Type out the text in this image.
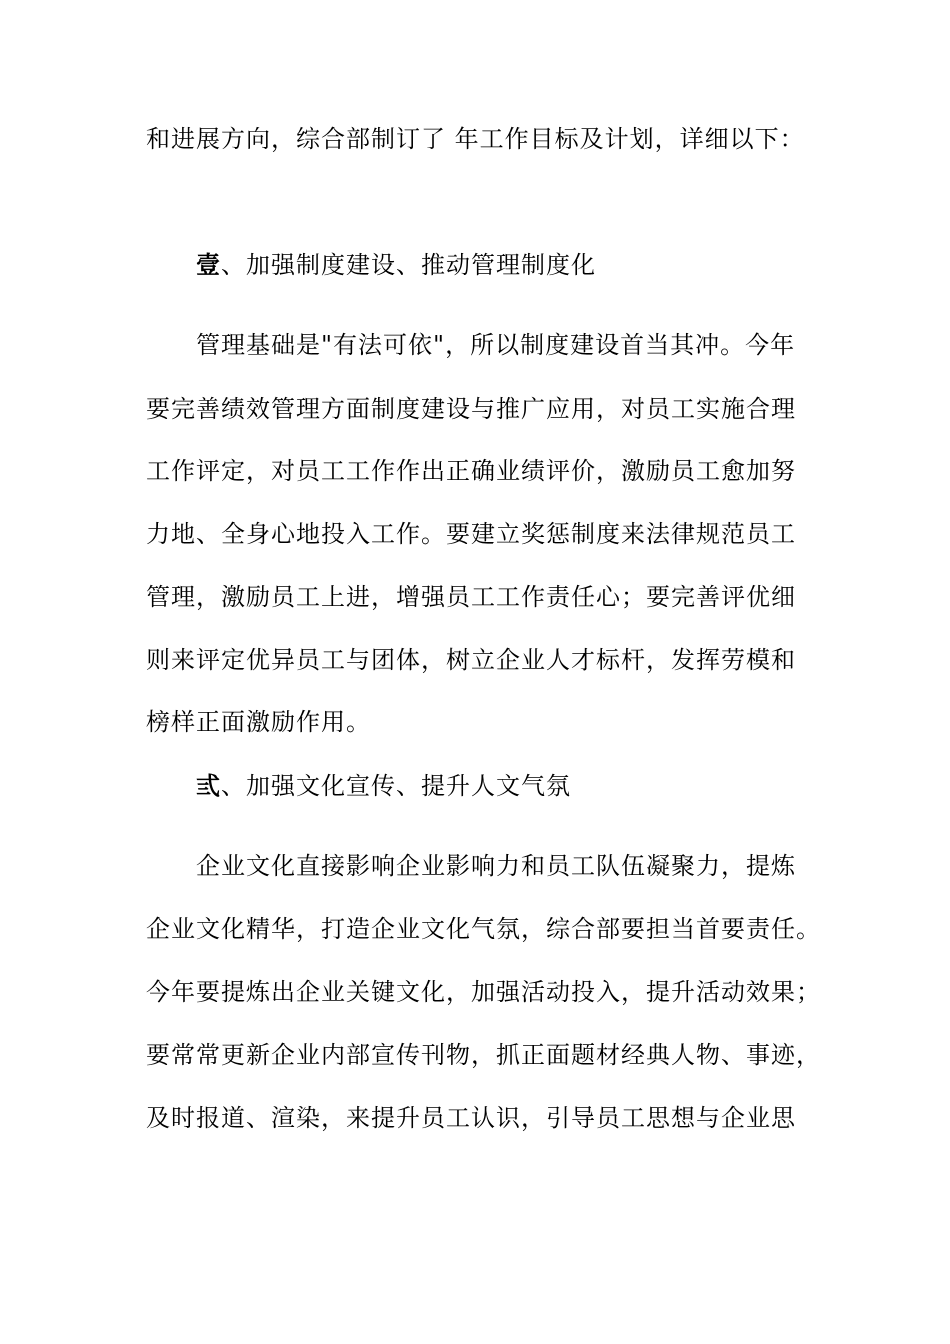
和进展方向，综合部制订了 年工作目标及计划，详细以下：
壹、加强制度建设、推动管理制度化
管理基础是"有法可依"，所以制度建设首当其冲。今年
要完善绩效管理方面制度建设与推广应用，对员工实施合理
工作评定，对员工工作作出正确业绩评价，激励员工愈加努
力地、全身心地投入工作。要建立奖惩制度来法律规范员工
管理，激励员工上进，增强员工工作责任心；要完善评优细
则来评定优异员工与团体，树立企业人才标杆，发挥劳模和
榜样正面激励作用。
弎、加强文化宣传、提升人文气氛
企业文化直接影响企业影响力和员工队伍凝聚力，提炼
企业文化精华，打造企业文化气氛，综合部要担当首要责任。
今年要提炼出企业关键文化，加强活动投入，提升活动效果；
要常常更新企业内部宣传刊物，抓正面题材经典人物、事迹，
及时报道、渲染，来提升员工认识，引导员工思想与企业思
